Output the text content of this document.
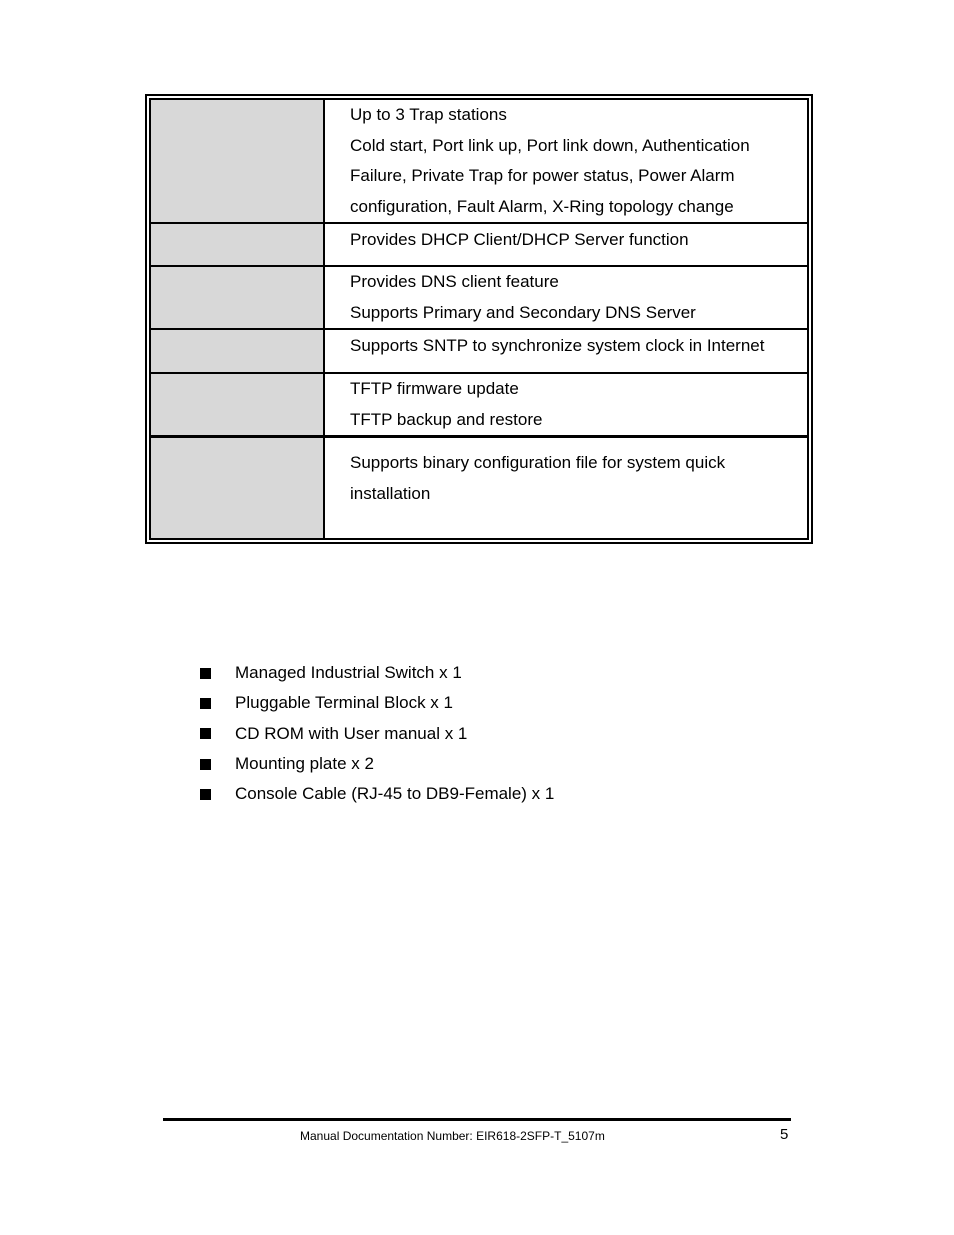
	Up to 3 Trap stations
Cold start, Port link up, Port link down, Authentication
Failure, Private Trap for power status, Power Alarm
configuration, Fault Alarm, X-Ring topology change

	Provides DHCP Client/DHCP Server function

	Provides DNS client feature
Supports Primary and Secondary DNS Server

	Supports SNTP to synchronize system clock in Internet

	TFTP firmware update
TFTP backup and restore

	Supports binary configuration file for system quick
installation
Managed Industrial Switch x 1
Pluggable Terminal Block x 1
CD ROM with User manual x 1
Mounting plate x 2
Console Cable (RJ-45 to DB9-Female) x 1
Manual Documentation Number: EIR618-2SFP-T_5107m	5
